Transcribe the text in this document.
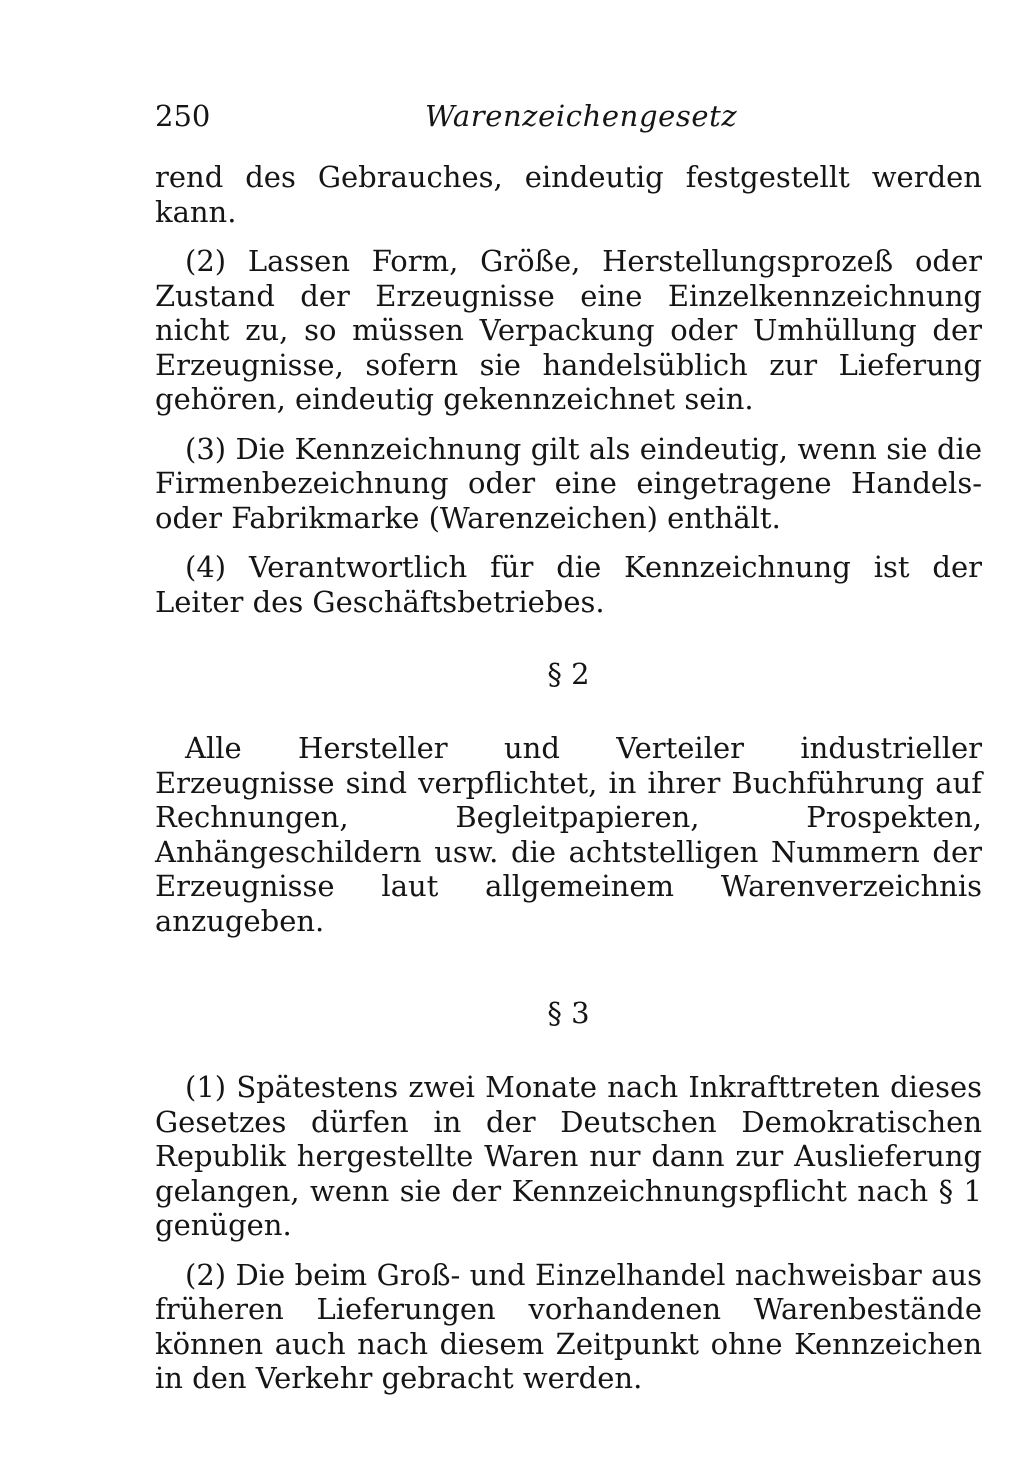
250	Warenzeichengesetz

rend des Gebrauches, eindeutig festgestellt werden kann.

(2) Lassen Form, Größe, Herstellungsprozeß oder Zustand der Erzeugnisse eine Einzelkennzeichnung nicht zu, so müssen Verpackung oder Umhüllung der Erzeugnisse, sofern sie handelsüblich zur Lieferung gehören, eindeutig gekennzeichnet sein.

(3) Die Kennzeichnung gilt als eindeutig, wenn sie die Firmenbezeichnung oder eine eingetragene Handels- oder Fabrikmarke (Warenzeichen) enthält.

(4) Verantwortlich für die Kennzeichnung ist der Leiter des Geschäftsbetriebes.

§ 2

Alle Hersteller und Verteiler industrieller Erzeugnisse sind verpflichtet, in ihrer Buchführung auf Rechnungen, Begleitpapieren, Prospekten, Anhängeschildern usw. die achtstelligen Nummern der Erzeugnisse laut allgemeinem Warenverzeichnis anzugeben.

§ 3

(1) Spätestens zwei Monate nach Inkrafttreten dieses Gesetzes dürfen in der Deutschen Demokratischen Republik hergestellte Waren nur dann zur Auslieferung gelangen, wenn sie der Kennzeichnungspflicht nach § 1 genügen.

(2) Die beim Groß- und Einzelhandel nachweisbar aus früheren Lieferungen vorhandenen Warenbestände können auch nach diesem Zeitpunkt ohne Kennzeichen in den Verkehr gebracht werden.
